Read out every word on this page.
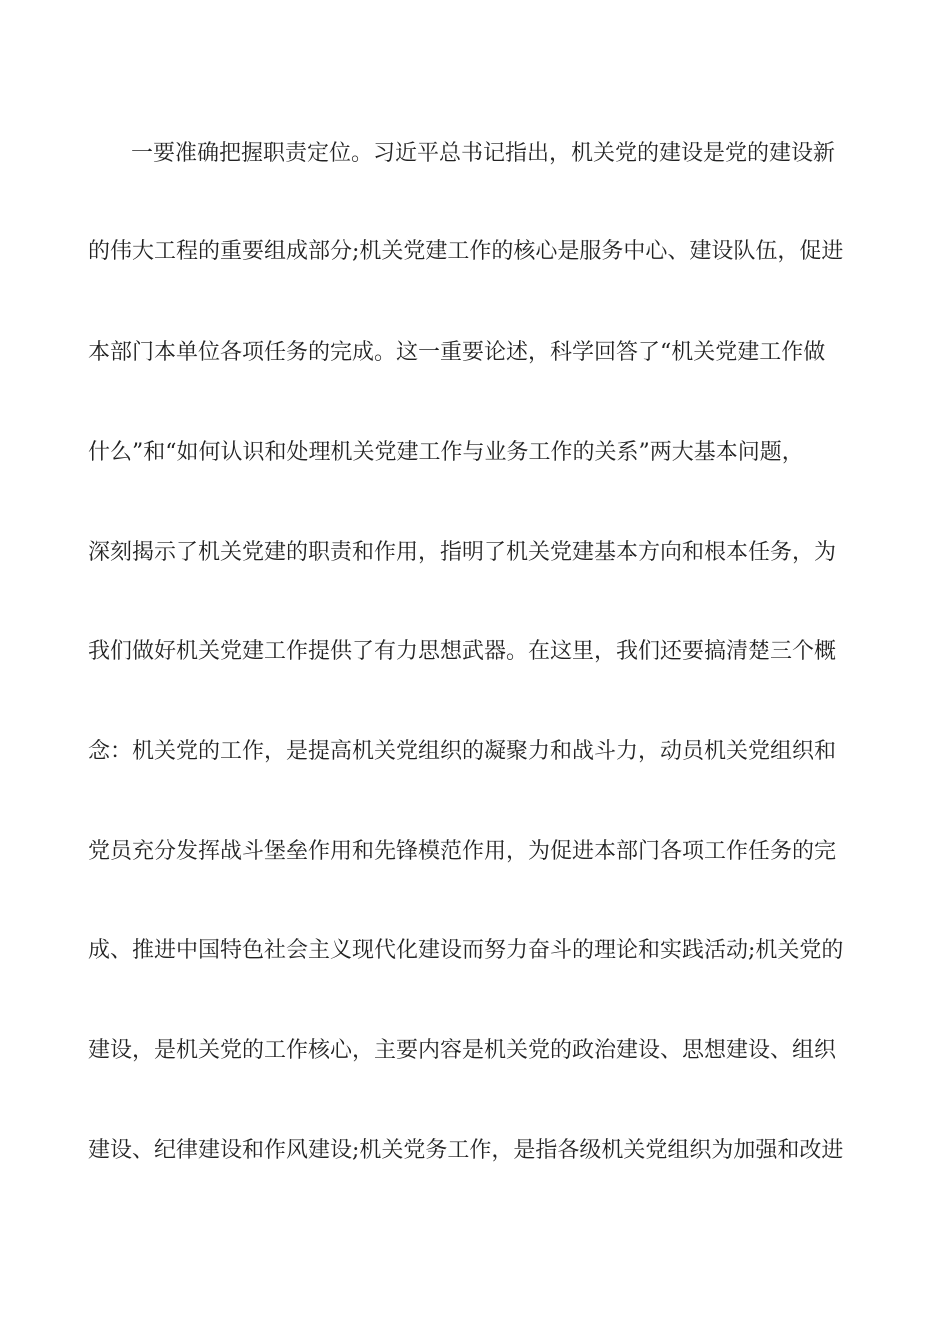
一要准确把握职责定位。习近平总书记指出，机关党的建设是党的建设新
的伟大工程的重要组成部分;机关党建工作的核心是服务中心、建设队伍，促进
本部门本单位各项任务的完成。这一重要论述，科学回答了“机关党建工作做
什么”和“如何认识和处理机关党建工作与业务工作的关系”两大基本问题，
深刻揭示了机关党建的职责和作用，指明了机关党建基本方向和根本任务，为
我们做好机关党建工作提供了有力思想武器。在这里，我们还要搞清楚三个概
念：机关党的工作，是提高机关党组织的凝聚力和战斗力，动员机关党组织和
党员充分发挥战斗堡垒作用和先锋模范作用，为促进本部门各项工作任务的完
成、推进中国特色社会主义现代化建设而努力奋斗的理论和实践活动;机关党的
建设，是机关党的工作核心，主要内容是机关党的政治建设、思想建设、组织
建设、纪律建设和作风建设;机关党务工作，是指各级机关党组织为加强和改进
